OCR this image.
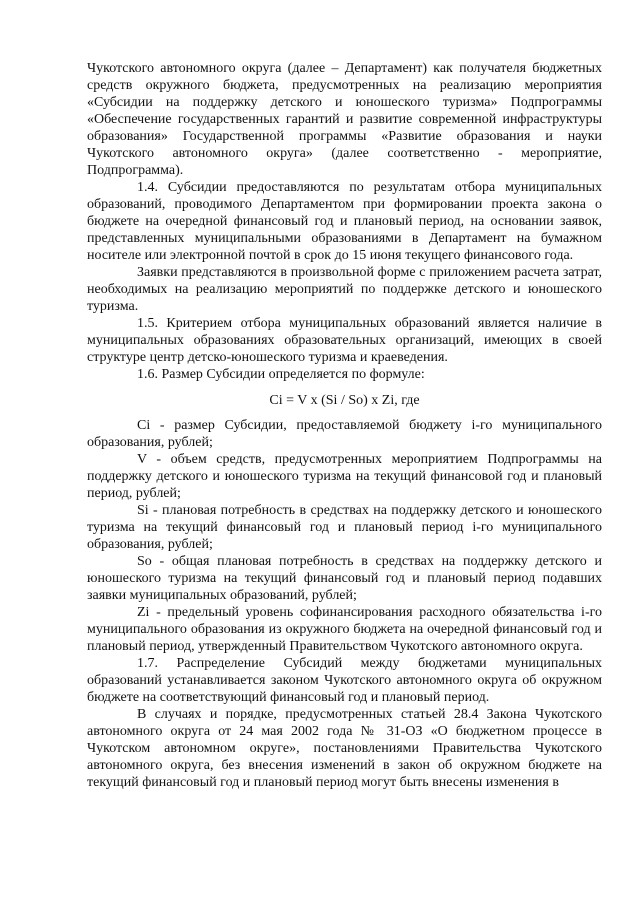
Чукотского автономного округа (далее – Департамент) как получателя бюджетных средств окружного бюджета, предусмотренных на реализацию мероприятия «Субсидии на поддержку детского и юношеского туризма» Подпрограммы «Обеспечение государственных гарантий и развитие современной инфраструктуры образования» Государственной программы «Развитие образования и науки Чукотского автономного округа» (далее соответственно - мероприятие, Подпрограмма).

1.4. Субсидии предоставляются по результатам отбора муниципальных образований, проводимого Департаментом при формировании проекта закона о бюджете на очередной финансовый год и плановый период, на основании заявок, представленных муниципальными образованиями в Департамент на бумажном носителе или электронной почтой в срок до 15 июня текущего финансового года.

Заявки представляются в произвольной форме с приложением расчета затрат, необходимых на реализацию мероприятий по поддержке детского и юношеского туризма.

1.5. Критерием отбора муниципальных образований является наличие в муниципальных образованиях образовательных организаций, имеющих в своей структуре центр детско-юношеского туризма и краеведения.

1.6. Размер Субсидии определяется по формуле:

Ci = V x (Si / So) x Zi, где

Ci - размер Субсидии, предоставляемой бюджету i-го муниципального образования, рублей;

V - объем средств, предусмотренных мероприятием Подпрограммы на поддержку детского и юношеского туризма на текущий финансовой год и плановый период, рублей;

Si - плановая потребность в средствах на поддержку детского и юношеского туризма на текущий финансовый год и плановый период i-го муниципального образования, рублей;

So - общая плановая потребность в средствах на поддержку детского и юношеского туризма на текущий финансовый год и плановый период подавших заявки муниципальных образований, рублей;

Zi - предельный уровень софинансирования расходного обязательства i-го муниципального образования из окружного бюджета на очередной финансовый год и плановый период, утвержденный Правительством Чукотского автономного округа.

1.7. Распределение Субсидий между бюджетами муниципальных образований устанавливается законом Чукотского автономного округа об окружном бюджете на соответствующий финансовый год и плановый период.

В случаях и порядке, предусмотренных статьей 28.4 Закона Чукотского автономного округа от 24 мая 2002 года № 31-ОЗ «О бюджетном процессе в Чукотском автономном округе», постановлениями Правительства Чукотского автономного округа, без внесения изменений в закон об окружном бюджете на текущий финансовый год и плановый период могут быть внесены изменения в
